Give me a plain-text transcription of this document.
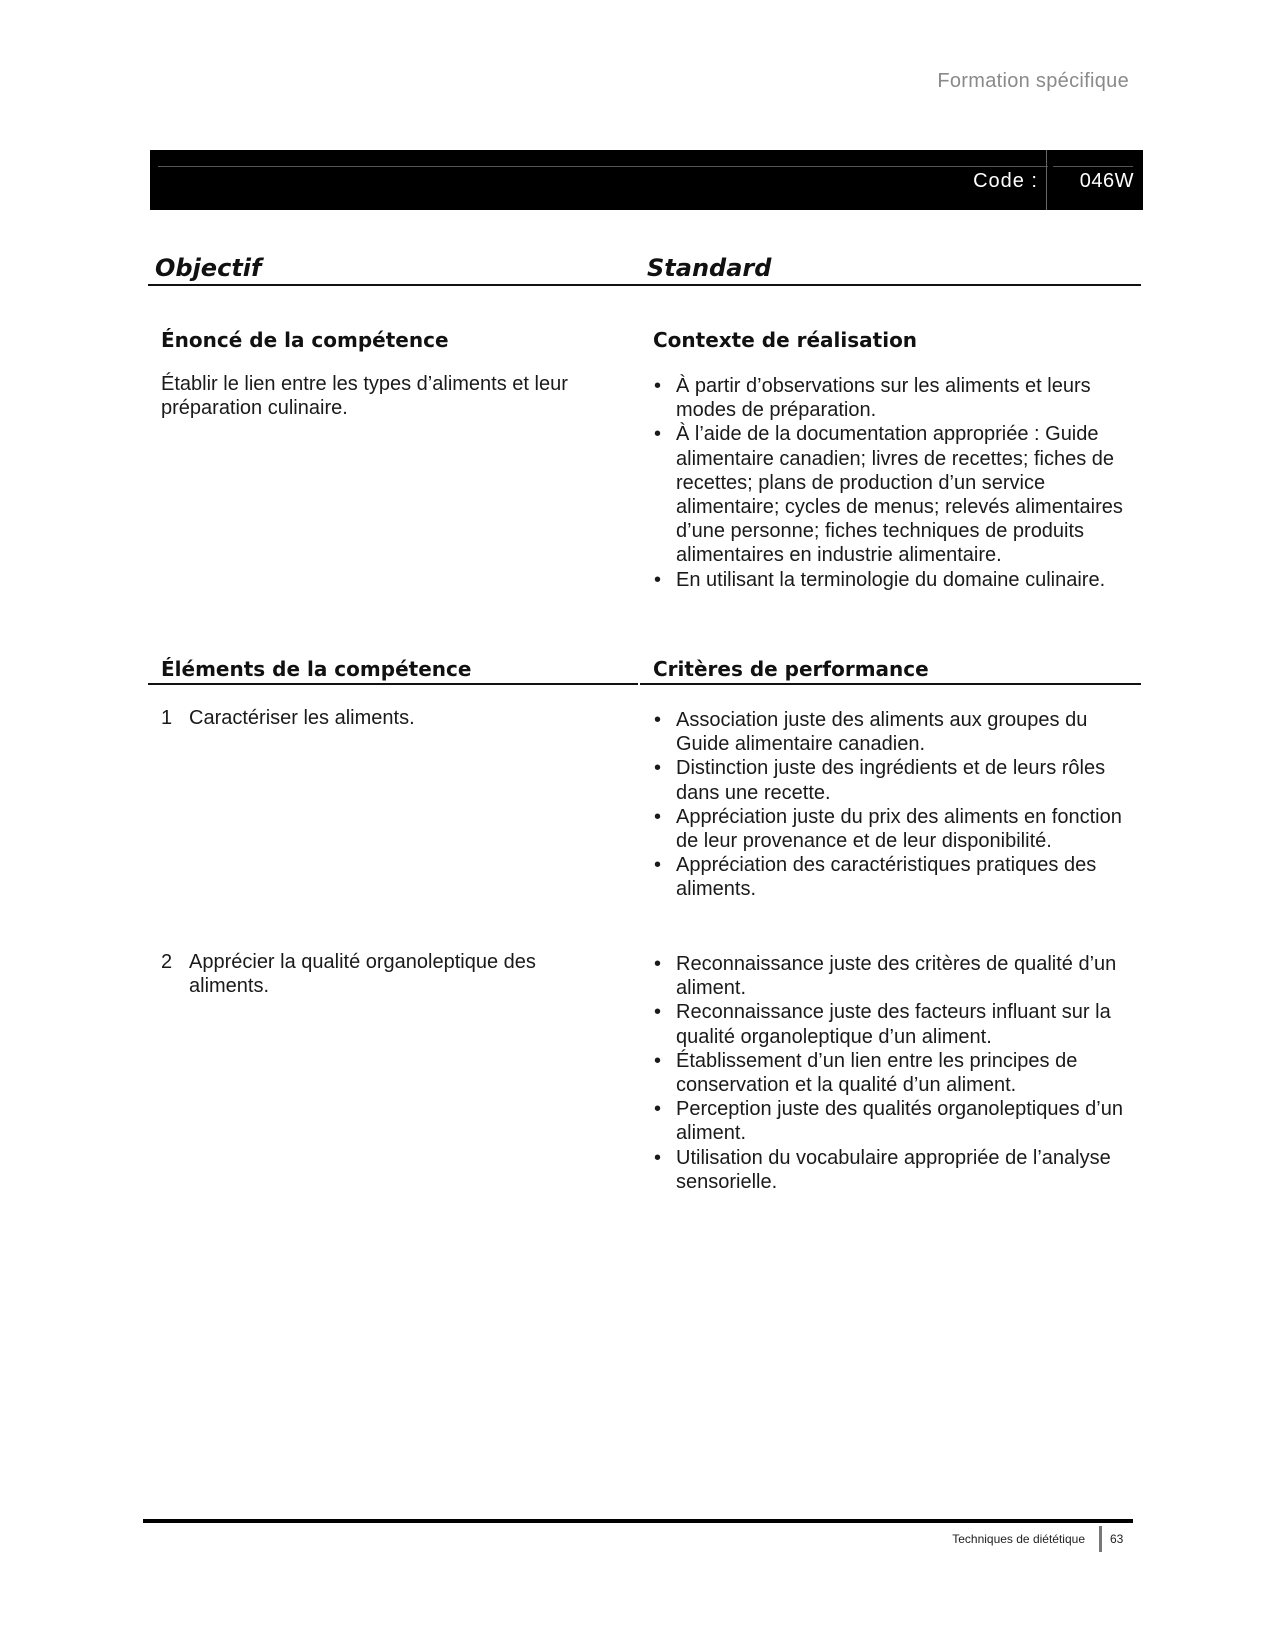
Formation spécifique
Code :	046W
Objectif	Standard
Énoncé de la compétence
Établir le lien entre les types d’aliments et leur préparation culinaire.
Contexte de réalisation
• À partir d’observations sur les aliments et leurs modes de préparation.
• À l’aide de la documentation appropriée : Guide alimentaire canadien; livres de recettes; fiches de recettes; plans de production d’un service alimentaire; cycles de menus; relevés alimentaires d’une personne; fiches techniques de produits alimentaires en industrie alimentaire.
• En utilisant la terminologie du domaine culinaire.
Éléments de la compétence	Critères de performance
1 Caractériser les aliments.
•	Association juste des aliments aux groupes du Guide alimentaire canadien.
• Distinction juste des ingrédients et de leurs rôles dans une recette.
• Appréciation juste du prix des aliments en fonction de leur provenance et de leur disponibilité.
• Appréciation des caractéristiques pratiques des aliments.
2 Apprécier la qualité organoleptique des aliments.
• Reconnaissance juste des critères de qualité d’un aliment.
• Reconnaissance juste des facteurs influant sur la qualité organoleptique d’un aliment.
• Établissement d’un lien entre les principes de conservation et la qualité d’un aliment.
• Perception juste des qualités organoleptiques d’un aliment.
• Utilisation du vocabulaire appropriée de l’analyse sensorielle.
Techniques de diététique 63
